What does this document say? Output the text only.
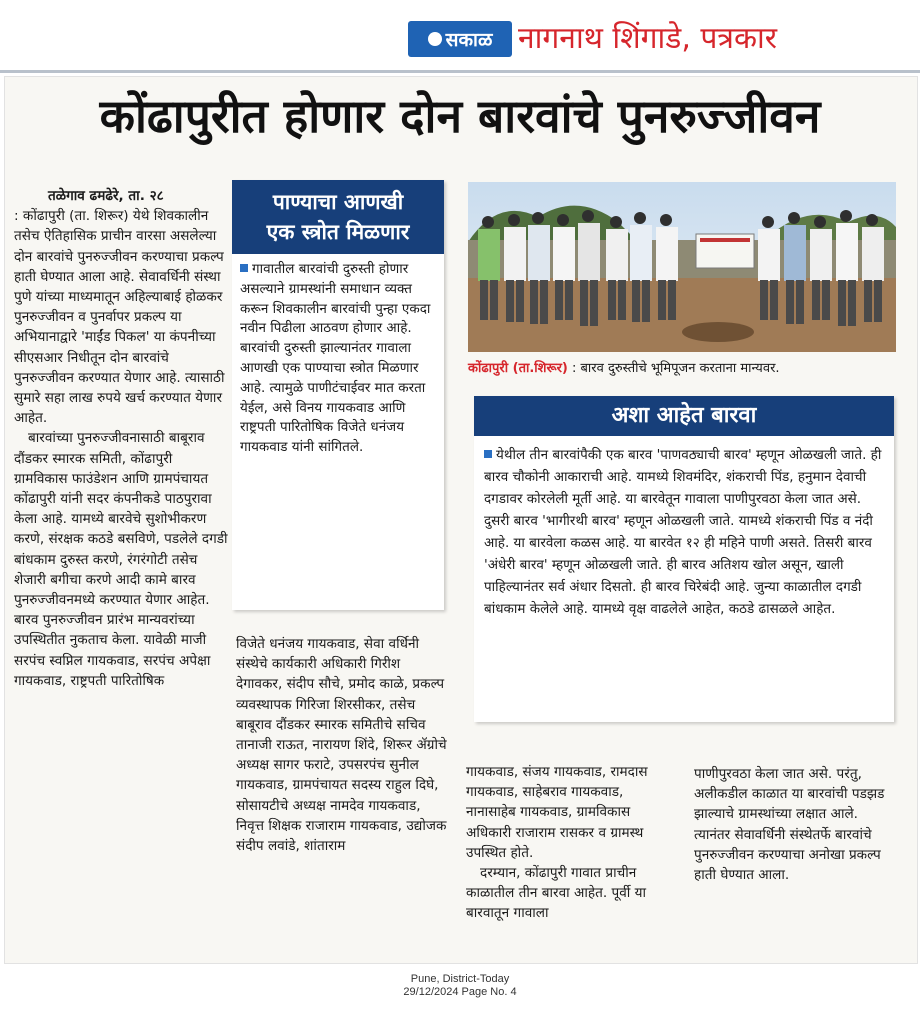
सकाळ नागनाथ शिंगाडे, पत्रकार
कोंढापुरीत होणार दोन बारवांचे पुनरुज्जीवन

तळेगाव ढमढेरे, ता. २८

: कोंढापुरी (ता. शिरूर) येथे शिवकालीन तसेच ऐतिहासिक प्राचीन वारसा असलेल्या दोन बारवांचे पुनरुज्जीवन करण्याचा प्रकल्प हाती घेण्यात आला आहे. सेवावर्धिनी संस्था पुणे यांच्या माध्यमातून अहिल्याबाई होळकर पुनरुज्जीवन व पुनर्वापर प्रकल्प या अभियानाद्वारे 'माईंड पिकल' या कंपनीच्या सीएसआर निधीतून दोन बारवांचे पुनरुज्जीवन करण्यात येणार आहे. त्यासाठी सुमारे सहा लाख रुपये खर्च करण्यात येणार आहेत.

बारवांच्या पुनरुज्जीवनासाठी बाबूराव दौंडकर स्मारक समिती, कोंढापुरी ग्रामविकास फाउंडेशन आणि ग्रामपंचायत कोंढापुरी यांनी सदर कंपनीकडे पाठपुरावा केला आहे. यामध्ये बारवेचे सुशोभीकरण करणे, संरक्षक कठडे बसविणे, पडलेले दगडी बांधकाम दुरुस्त करणे, रंगरंगोटी तसेच शेजारी बगीचा करणे आदी कामे बारव पुनरुज्जीवनमध्ये करण्यात येणार आहेत. बारव पुनरुज्जीवन प्रारंभ मान्यवरांच्या उपस्थितीत नुकताच केला. यावेळी माजी सरपंच स्वप्निल गायकवाड, सरपंच अपेक्षा गायकवाड, राष्ट्रपती पारितोषिक

पाण्याचा आणखी
एक स्त्रोत मिळणार
गावातील बारवांची दुरुस्ती होणार असल्याने ग्रामस्थांनी समाधान व्यक्त करून शिवकालीन बारवांची पुन्हा एकदा नवीन पिढीला आठवण होणार आहे. बारवांची दुरुस्ती झाल्यानंतर गावाला आणखी एक पाण्याचा स्त्रोत मिळणार आहे. त्यामुळे पाणीटंचाईवर मात करता येईल, असे विनय गायकवाड आणि राष्ट्रपती पारितोषिक विजेते धनंजय गायकवाड यांनी सांगितले.
कोंढापुरी (ता.शिरूर) : बारव दुरुस्तीचे भूमिपूजन करताना मान्यवर.
अशा आहेत बारवा
येथील तीन बारवांपैकी एक बारव 'पाणवठ्याची बारव' म्हणून ओळखली जाते. ही बारव चौकोनी आकाराची आहे. यामध्ये शिवमंदिर, शंकराची पिंड, हनुमान देवाची दगडावर कोरलेली मूर्ती आहे. या बारवेतून गावाला पाणीपुरवठा केला जात असे. दुसरी बारव 'भागीरथी बारव' म्हणून ओळखली जाते. यामध्ये शंकराची पिंड व नंदी आहे. या बारवेला कळस आहे. या बारवेत १२ ही महिने पाणी असते. तिसरी बारव 'अंधेरी बारव' म्हणून ओळखली जाते. ही बारव अतिशय खोल असून, खाली पाहिल्यानंतर सर्व अंधार दिसतो. ही बारव चिरेबंदी आहे. जुन्या काळातील दगडी बांधकाम केलेले आहे. यामध्ये वृक्ष वाढलेले आहेत, कठडे ढासळले आहेत.

विजेते धनंजय गायकवाड, सेवा वर्धिनी संस्थेचे कार्यकारी अधिकारी गिरीश देगावकर, संदीप सौचे, प्रमोद काळे, प्रकल्प व्यवस्थापक गिरिजा शिरसीकर, तसेच बाबूराव दौंडकर स्मारक समितीचे सचिव तानाजी राऊत, नारायण शिंदे, शिरूर ॲग्रोचे अध्यक्ष सागर फराटे, उपसरपंच सुनील गायकवाड, ग्रामपंचायत सदस्य राहुल दिघे, सोसायटीचे अध्यक्ष नामदेव गायकवाड, निवृत्त शिक्षक राजाराम गायकवाड, उद्योजक संदीप लवांडे, शांताराम

गायकवाड, संजय गायकवाड, रामदास गायकवाड, साहेबराव गायकवाड, नानासाहेब गायकवाड, ग्रामविकास अधिकारी राजाराम रासकर व ग्रामस्थ उपस्थित होते.

दरम्यान, कोंढापुरी गावात प्राचीन काळातील तीन बारवा आहेत. पूर्वी या बारवातून गावाला

पाणीपुरवठा केला जात असे. परंतु, अलीकडील काळात या बारवांची पडझड झाल्याचे ग्रामस्थांच्या लक्षात आले. त्यानंतर सेवावर्धिनी संस्थेतर्फे बारवांचे पुनरुज्जीवन करण्याचा अनोखा प्रकल्प हाती घेण्यात आला.

Pune, District-Today
29/12/2024 Page No. 4
